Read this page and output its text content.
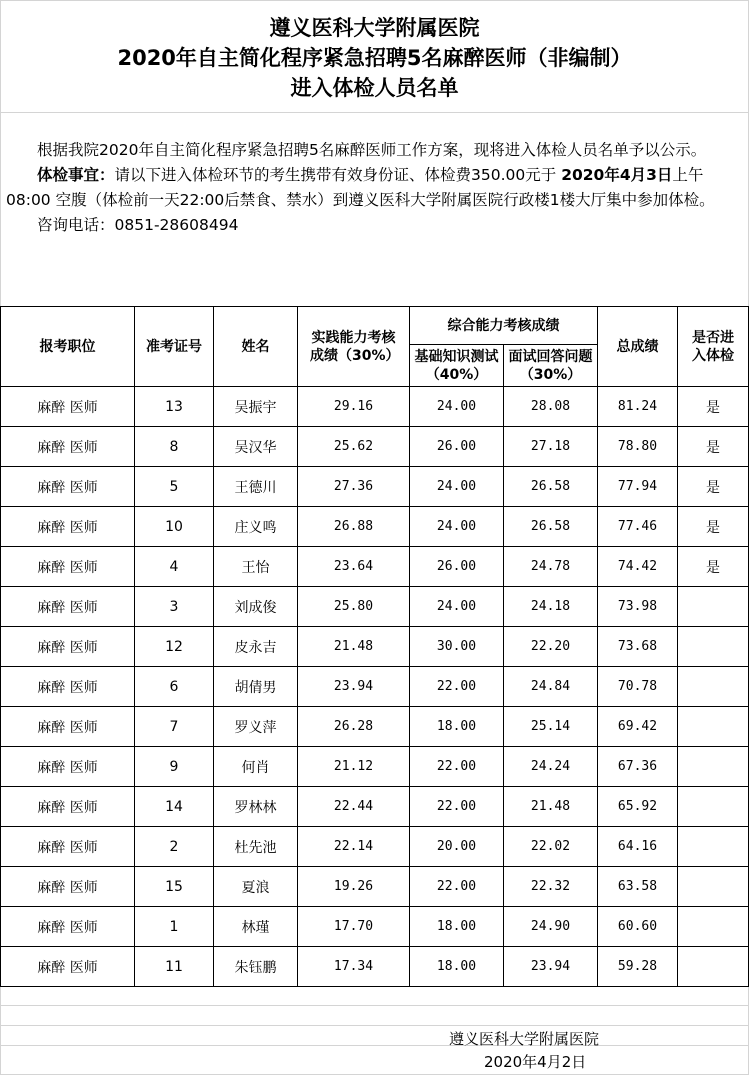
遵义医科大学附属医院
2020年自主简化程序紧急招聘5名麻醉医师（非编制）
进入体检人员名单

根据我院2020年自主简化程序紧急招聘5名麻醉医师工作方案，现将进入体检人员名单予以公示。

体检事宜：请以下进入体检环节的考生携带有效身份证、体检费350.00元于 2020年4月3日上午 08:00 空腹（体检前一天22:00后禁食、禁水）到遵义医科大学附属医院行政楼1楼大厅集中参加体检。

咨询电话：0851-28608494

报考职位	准考证号	姓名	实践能力考核成绩（30%）	综合能力考核成绩		总成绩	是否进入体检
				基础知识测试（40%）	面试回答问题（30%）		
麻醉 医师	13	吴振宇	29.16	24.00	28.08	81.24	是
麻醉 医师	8	吴汉华	25.62	26.00	27.18	78.80	是
麻醉 医师	5	王德川	27.36	24.00	26.58	77.94	是
麻醉 医师	10	庄义鸣	26.88	24.00	26.58	77.46	是
麻醉 医师	4	王怡	23.64	26.00	24.78	74.42	是
麻醉 医师	3	刘成俊	25.80	24.00	24.18	73.98	
麻醉 医师	12	皮永吉	21.48	30.00	22.20	73.68	
麻醉 医师	6	胡倩男	23.94	22.00	24.84	70.78	
麻醉 医师	7	罗义萍	26.28	18.00	25.14	69.42	
麻醉 医师	9	何肖	21.12	22.00	24.24	67.36	
麻醉 医师	14	罗林林	22.44	22.00	21.48	65.92	
麻醉 医师	2	杜先池	22.14	20.00	22.02	64.16	
麻醉 医师	15	夏浪	19.26	22.00	22.32	63.58	
麻醉 医师	1	林瑾	17.70	18.00	24.90	60.60	
麻醉 医师	11	朱钰鹏	17.34	18.00	23.94	59.28	
遵义医科大学附属医院
2020年4月2日
